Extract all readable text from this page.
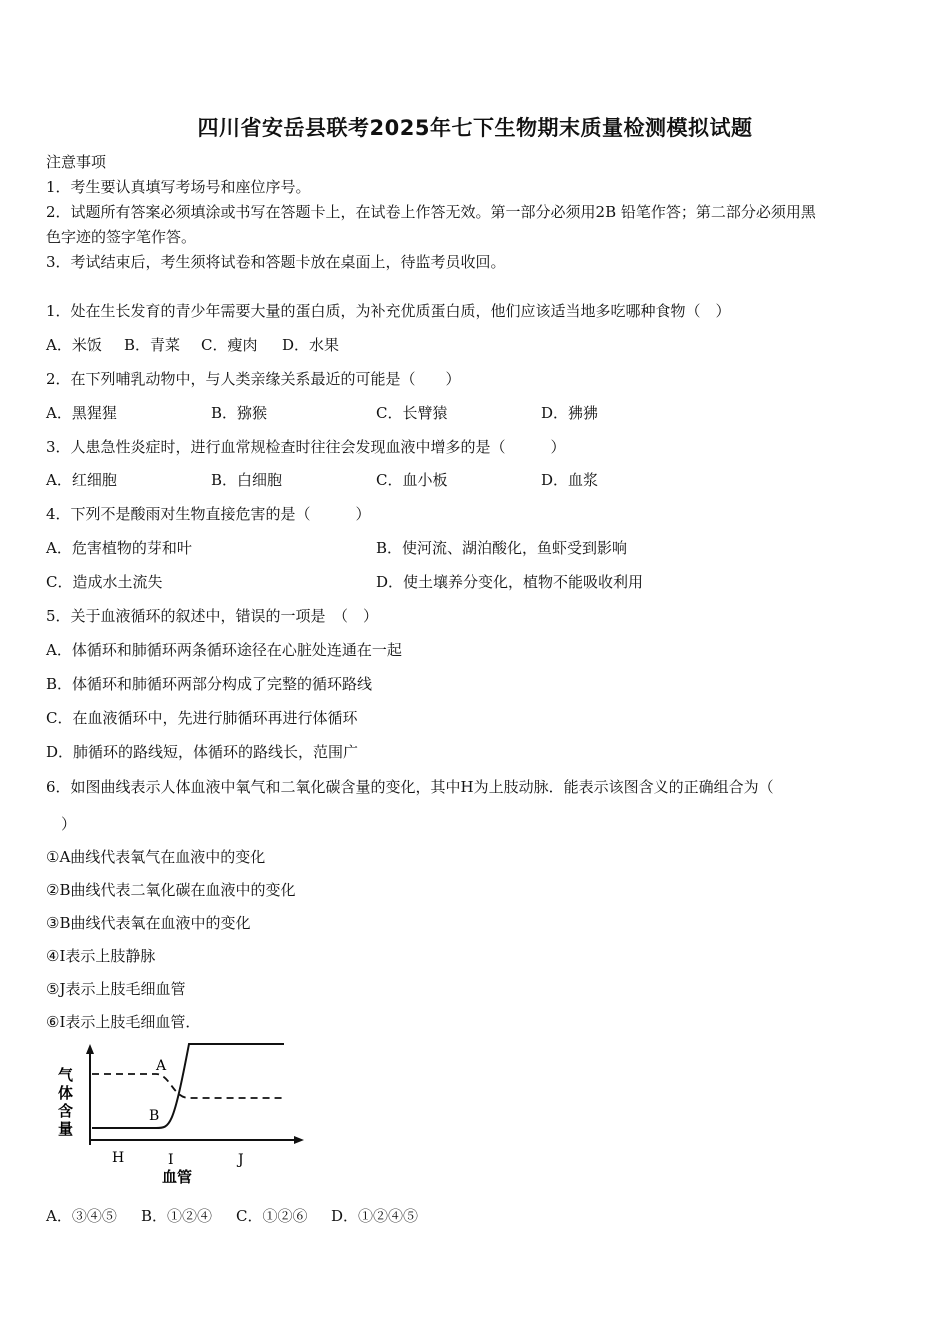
四川省安岳县联考2025年七下生物期末质量检测模拟试题
注意事项
1．考生要认真填写考场号和座位序号。
2．试题所有答案必须填涂或书写在答题卡上，在试卷上作答无效。第一部分必须用2B 铅笔作答；第二部分必须用黑
色字迹的签字笔作答。
3．考试结束后，考生须将试卷和答题卡放在桌面上，待监考员收回。
1．处在生长发育的青少年需要大量的蛋白质，为补充优质蛋白质，他们应该适当地多吃哪种食物（　）
A．米饭 B．青菜 C．瘦肉 D．水果
2．在下列哺乳动物中，与人类亲缘关系最近的可能是（　　）
A．黑猩猩	B．猕猴	C．长臂猿	D．狒狒
3．人患急性炎症时，进行血常规检查时往往会发现血液中增多的是（　　　）
A．红细胞	B．白细胞	C．血小板	D．血浆
4．下列不是酸雨对生物直接危害的是（　　　）
A．危害植物的芽和叶	B．使河流、湖泊酸化，鱼虾受到影响
C．造成水土流失	D．使土壤养分变化，植物不能吸收利用
5．关于血液循环的叙述中，错误的一项是　（　）
A．体循环和肺循环两条循环途径在心脏处连通在一起
B．体循环和肺循环两部分构成了完整的循环路线
C．在血液循环中，先进行肺循环再进行体循环
D．肺循环的路线短，体循环的路线长，范围广
6．如图曲线表示人体血液中氧气和二氧化碳含量的变化，其中H为上肢动脉．能表示该图含义的正确组合为（
　）
①A曲线代表氧气在血液中的变化
②B曲线代表二氧化碳在血液中的变化
③B曲线代表氧在血液中的变化
④I表示上肢静脉
⑤J表示上肢毛细血管
⑥I表示上肢毛细血管．
气
体
含
量
A
B
H	I	J
血管
A．③④⑤ B．①②④ C．①②⑥ D．①②④⑤
